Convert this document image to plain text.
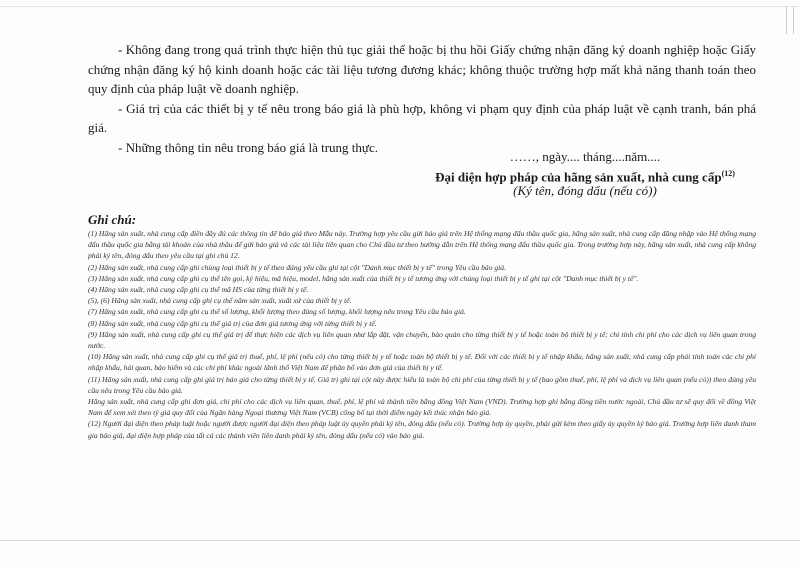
- Không đang trong quá trình thực hiện thủ tục giải thể hoặc bị thu hồi Giấy chứng nhận đăng ký doanh nghiệp hoặc Giấy chứng nhận đăng ký hộ kinh doanh hoặc các tài liệu tương đương khác; không thuộc trường hợp mất khả năng thanh toán theo quy định của pháp luật về doanh nghiệp.

- Giá trị của các thiết bị y tế nêu trong báo giá là phù hợp, không vi phạm quy định của pháp luật về cạnh tranh, bán phá giá.

- Những thông tin nêu trong báo giá là trung thực.

……, ngày.... tháng....năm....
Đại diện hợp pháp của hãng sản xuất, nhà cung cấp$^{(12)}$
(Ký tên, đóng dấu (nếu có))
Ghi chú:
(1) Hãng sản xuất, nhà cung cấp điền đầy đủ các thông tin để báo giá theo Mẫu này. Trường hợp yêu cầu gửi báo giá trên Hệ thống mạng đấu thầu quốc gia, hãng sản xuất, nhà cung cấp đăng nhập vào Hệ thống mạng đấu thầu quốc gia bằng tài khoản của nhà thầu để gửi báo giá và các tài liệu liên quan cho Chủ đầu tư theo hướng dẫn trên Hệ thống mạng đấu thầu quốc gia. Trong trường hợp này, hãng sản xuất, nhà cung cấp không phải ký tên, đóng dấu theo yêu cầu tại ghi chú 12.
(2) Hãng sản xuất, nhà cung cấp ghi chủng loại thiết bị y tế theo đúng yêu cầu ghi tại cột "Danh mục thiết bị y tế" trong Yêu cầu báo giá.
(3) Hãng sản xuất, nhà cung cấp ghi cụ thể tên gọi, ký hiệu, mã hiệu, model, hãng sản xuất của thiết bị y tế tương ứng với chủng loại thiết bị y tế ghi tại cột "Danh mục thiết bị y tế".
(4) Hãng sản xuất, nhà cung cấp ghi cụ thể mã HS của từng thiết bị y tế.
(5), (6) Hãng sản xuất, nhà cung cấp ghi cụ thể năm sản xuất, xuất xứ của thiết bị y tế.
(7) Hãng sản xuất, nhà cung cấp ghi cụ thể số lượng, khối lượng theo đúng số lượng, khối lượng nêu trong Yêu cầu báo giá.
(8) Hãng sản xuất, nhà cung cấp ghi cụ thể giá trị của đơn giá tương ứng với từng thiết bị y tế.
(9) Hãng sản xuất, nhà cung cấp ghi cụ thể giá trị để thực hiện các dịch vụ liên quan như lắp đặt, vận chuyển, bảo quản cho từng thiết bị y tế hoặc toàn bộ thiết bị y tế; chi tính chi phí cho các dịch vụ liên quan trong nước.
(10) Hãng sản xuất, nhà cung cấp ghi cụ thể giá trị thuế, phí, lệ phí (nếu có) cho từng thiết bị y tế hoặc toàn bộ thiết bị y tế. Đối với các thiết bị y tế nhập khẩu, hãng sản xuất, nhà cung cấp phải tính toán các chi phí nhập khẩu, hải quan, bảo hiểm và các chi phí khác ngoài lãnh thổ Việt Nam để phân bổ vào đơn giá của thiết bị y tế.
(11) Hãng sản xuất, nhà cung cấp ghi giá trị báo giá cho từng thiết bị y tế. Giá trị ghi tại cột này được hiểu là toàn bộ chi phí của từng thiết bị y tế (bao gồm thuế, phí, lệ phí và dịch vụ liên quan (nếu có)) theo đúng yêu cầu nêu trong Yêu cầu báo giá.
Hãng sản xuất, nhà cung cấp ghi đơn giá, chi phí cho các dịch vụ liên quan, thuế, phí, lệ phí và thành tiền bằng đồng Việt Nam (VND). Trường hợp ghi bằng đồng tiền nước ngoài, Chủ đầu tư sẽ quy đổi về đồng Việt Nam để xem xét theo tỷ giá quy đổi của Ngân hàng Ngoại thương Việt Nam (VCB) công bố tại thời điểm ngày kết thúc nhận báo giá.
(12) Người đại diện theo pháp luật hoặc người được người đại diện theo pháp luật ủy quyền phải ký tên, đóng dấu (nếu có). Trường hợp ủy quyền, phải gửi kèm theo giấy ủy quyền ký báo giá. Trường hợp liên danh tham gia báo giá, đại diện hợp pháp của tất cả các thành viên liên danh phải ký tên, đóng dấu (nếu có) vào báo giá.
